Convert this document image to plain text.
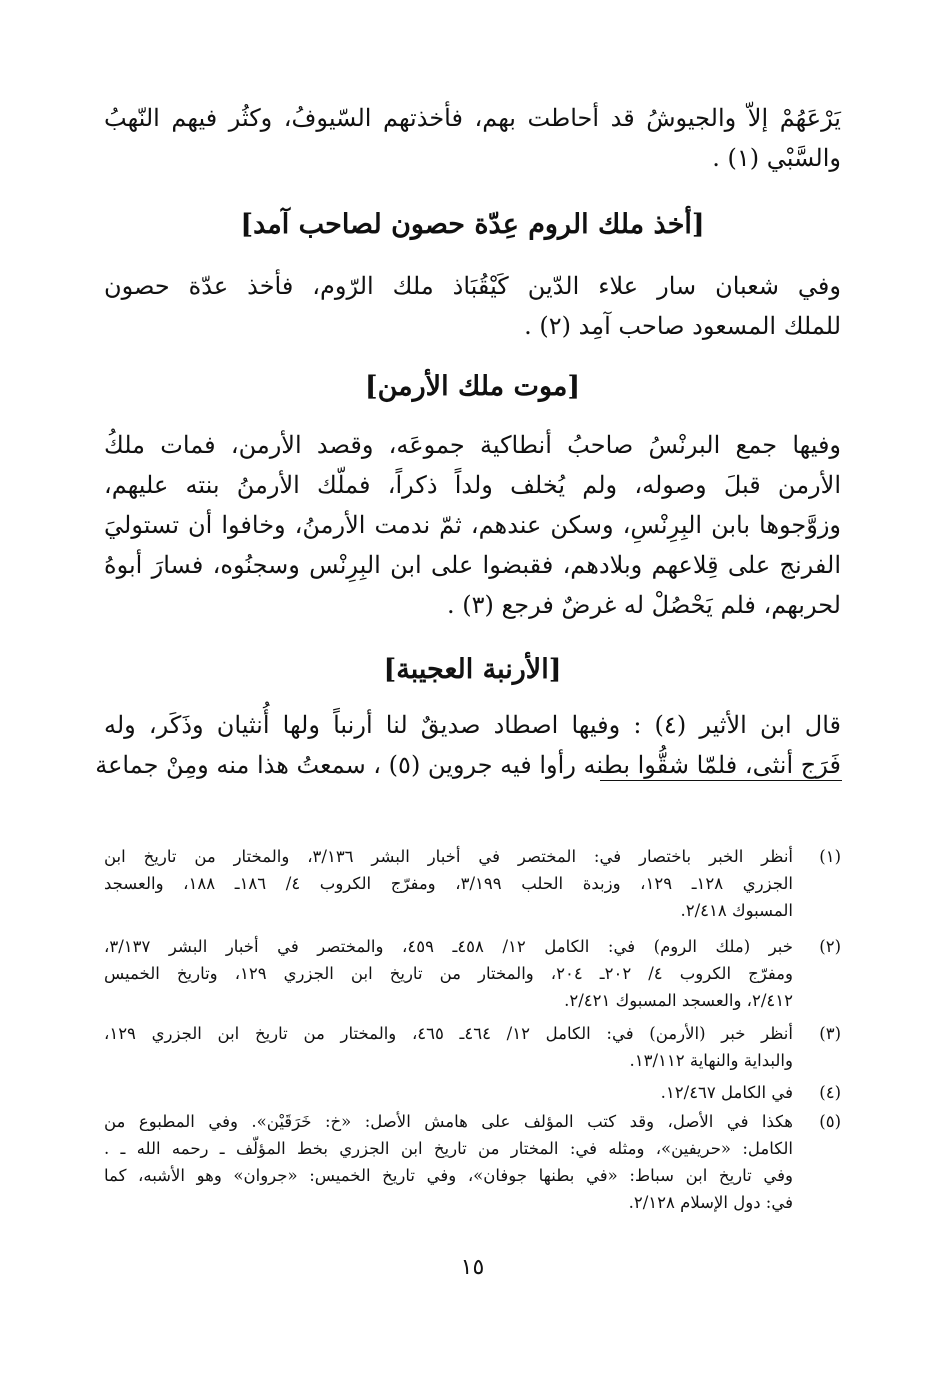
يَرْعَهُمْ إلاّ والجيوشُ قد أحاطت بهم، فأخذتهم السّيوفُ، وكثُر فيهم النّهبُ
والسَّبْي (١) .
[أخذ ملك الروم عِدّة حصون لصاحب آمد]
وفي شعبان سار علاء الدّين كَيْقُبَاذ ملك الرّوم، فأخذ عدّة حصون
للملك المسعود صاحب آمِد (٢) .
[موت ملك الأرمن]
وفيها جمع البرنْسُ صاحبُ أنطاكية جموعَه، وقصد الأرمن، فمات ملكُ
الأرمن قبلَ وصوله، ولم يُخلف ولداً ذكراً، فملّك الأرمنُ بنته عليهم،
وزوَّجوها بابن البِرِنْسِ، وسكن عندهم، ثمّ ندمت الأرمنُ، وخافوا أن تستوليَ
الفرنج على قِلاعهم وبلادهم، فقبضوا على ابن البِرِنْس وسجنُوه، فسارَ أبوهُ
لحربهم، فلم يَحْصُلْ له غرضٌ فرجع (٣) .
[الأرنبة العجيبة]
قال ابن الأثير (٤) : وفيها اصطاد صديقٌ لنا أرنباً ولها أُنثيان وذَكَر، وله
فَرَج أنثى، فلمّا شقُّوا بطنه رأوا فيه جروين (٥) ، سمعتُ هذا منه ومِنْ جماعة
(١)
أنظر الخبر باختصار في: المختصر في أخبار البشر ٣/١٣٦، والمختار من تاريخ ابن
الجزري ١٢٨ـ ١٢٩، وزبدة الحلب ٣/١٩٩، ومفرّج الكروب ٤/ ١٨٦ـ ١٨٨، والعسجد
المسبوك ٢/٤١٨.
(٢)
خبر (ملك الروم) في: الكامل ١٢/ ٤٥٨ـ ٤٥٩، والمختصر في أخبار البشر ٣/١٣٧،
ومفرّج الكروب ٤/ ٢٠٢ـ ٢٠٤، والمختار من تاريخ ابن الجزري ١٢٩، وتاريخ الخميس
٢/٤١٢، والعسجد المسبوك ٢/٤٢١.
(٣)
أنظر خبر (الأرمن) في: الكامل ١٢/ ٤٦٤ـ ٤٦٥، والمختار من تاريخ ابن الجزري ١٢٩،
والبداية والنهاية ١٣/١١٢.
(٤)
في الكامل ١٢/٤٦٧.
(٥)
هكذا في الأصل، وقد كتب المؤلف على هامش الأصل: «خ: خَرَقَيْن». وفي المطبوع من
الكامل: «حريفين»، ومثله في: المختار من تاريخ ابن الجزري بخط المؤلّف ـ رحمه الله ـ .
وفي تاريخ ابن سباط: «في بطنها جوفان»، وفي تاريخ الخميس: «جروان» وهو الأشبه، كما
في: دول الإسلام ٢/١٢٨.
١٥
